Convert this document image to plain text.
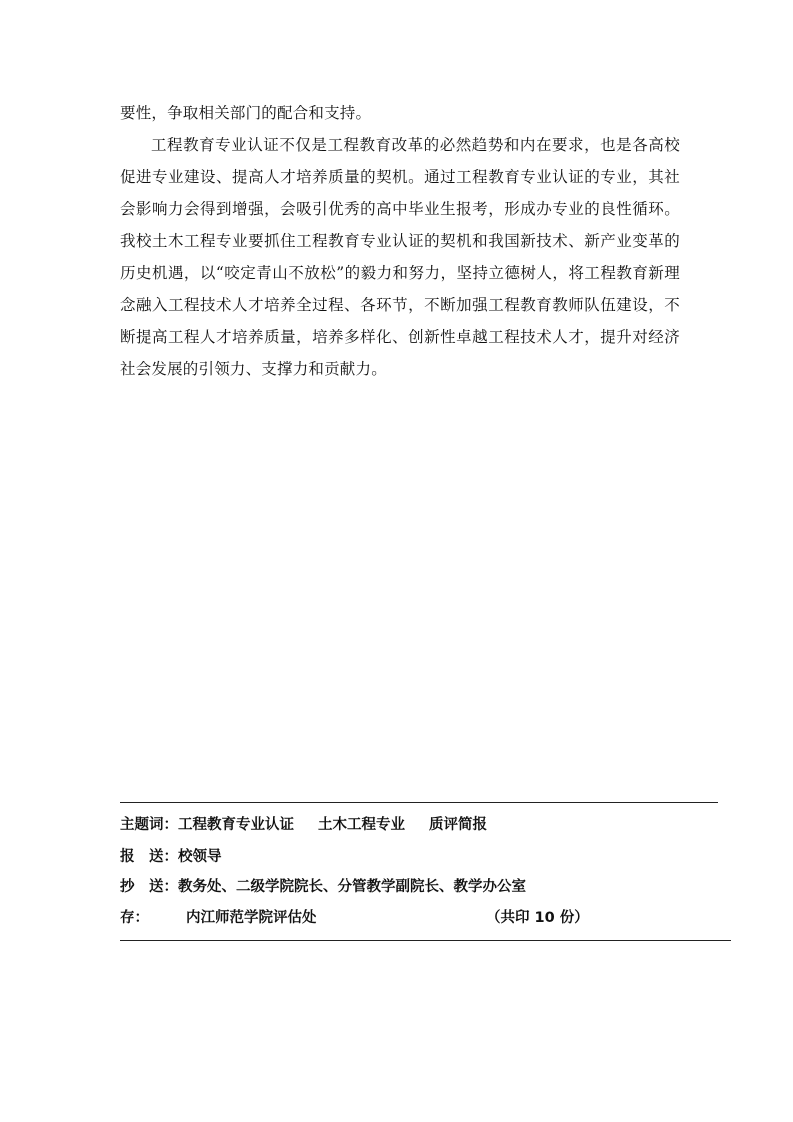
要性，争取相关部门的配合和支持。

工程教育专业认证不仅是工程教育改革的必然趋势和内在要求，也是各高校促进专业建设、提高人才培养质量的契机。通过工程教育专业认证的专业，其社会影响力会得到增强，会吸引优秀的高中毕业生报考，形成办专业的良性循环。我校土木工程专业要抓住工程教育专业认证的契机和我国新技术、新产业变革的历史机遇，以“咬定青山不放松”的毅力和努力，坚持立德树人，将工程教育新理念融入工程技术人才培养全过程、各环节，不断加强工程教育教师队伍建设，不断提高工程人才培养质量，培养多样化、创新性卓越工程技术人才，提升对经济社会发展的引领力、支撑力和贡献力。

主题词：工程教育专业认证 土木工程专业 质评简报
报　送：校领导
抄　送：教务处、二级学院院长、分管教学副院长、教学办公室
存：	内江师范学院评估处	（共印 10 份）
